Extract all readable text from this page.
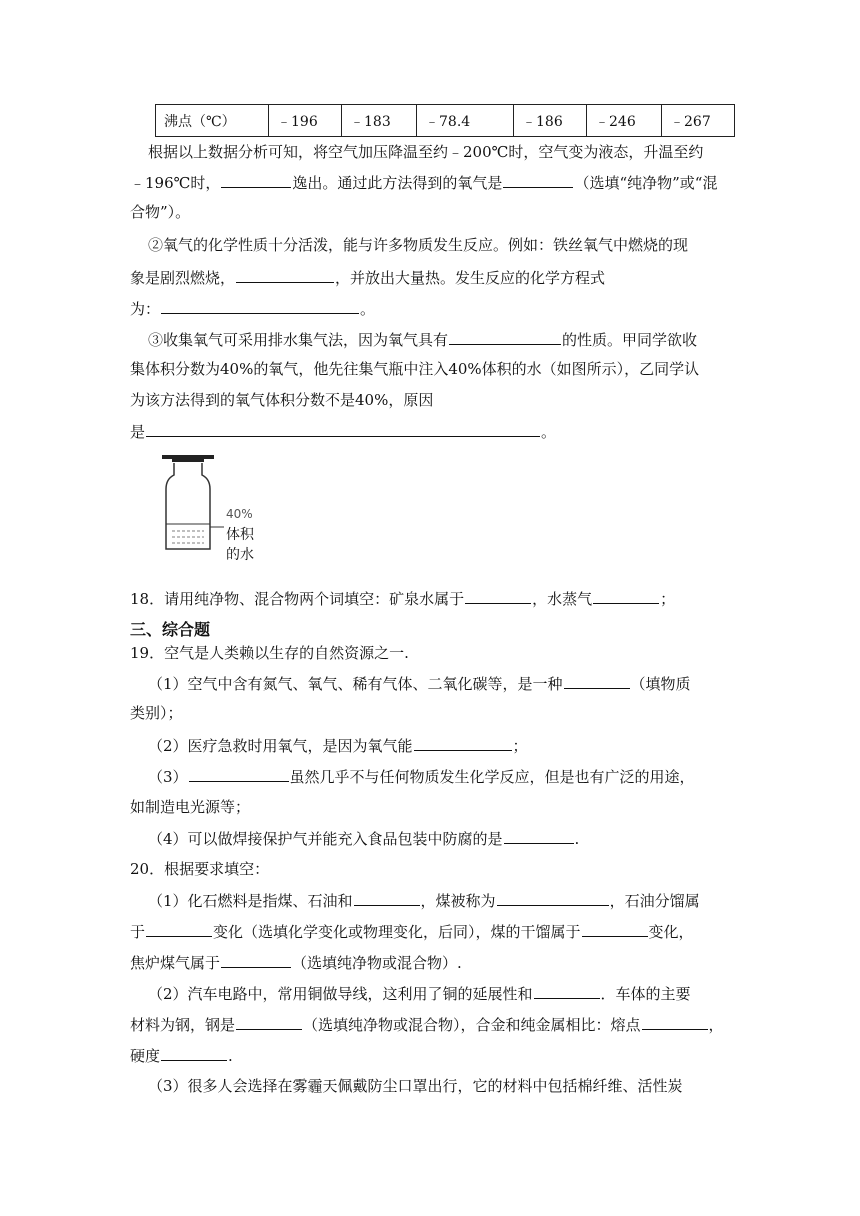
沸点（℃）	﹣196	﹣183	﹣78.4	﹣186	﹣246	﹣267
根据以上数据分析可知，将空气加压降温至约﹣200℃时，空气变为液态，升温至约
﹣196℃时，	逸出。通过此方法得到的氧气是	（选填“纯净物”或“混
合物”）。
②氧气的化学性质十分活泼，能与许多物质发生反应。例如：铁丝氧气中燃烧的现
象是剧烈燃烧，	，并放出大量热。发生反应的化学方程式
为：	。
③收集氧气可采用排水集气法，因为氧气具有	的性质。甲同学欲收
集体积分数为40%的氧气，他先往集气瓶中注入40%体积的水（如图所示），乙同学认
为该方法得到的氧气体积分数不是40%，原因
是	。
40%
体积
的水
18．请用纯净物、混合物两个词填空：矿泉水属于	，水蒸气	；
三、综合题
19．空气是人类赖以生存的自然资源之一.
（1）空气中含有氮气、氧气、稀有气体、二氧化碳等，是一种	（填物质
类别）；
（2）医疗急救时用氧气，是因为氧气能	；
（3）	虽然几乎不与任何物质发生化学反应，但是也有广泛的用途，
如制造电光源等；
（4）可以做焊接保护气并能充入食品包装中防腐的是	.
20．根据要求填空：
（1）化石燃料是指煤、石油和	，煤被称为	，石油分馏属
于	变化（选填化学变化或物理变化，后同），煤的干馏属于	变化，
焦炉煤气属于	（选填纯净物或混合物）.
（2）汽车电路中，常用铜做导线，这利用了铜的延展性和	．车体的主要
材料为钢，钢是	（选填纯净物或混合物），合金和纯金属相比：熔点	，
硬度	.
（3）很多人会选择在雾霾天佩戴防尘口罩出行，它的材料中包括棉纤维、活性炭
